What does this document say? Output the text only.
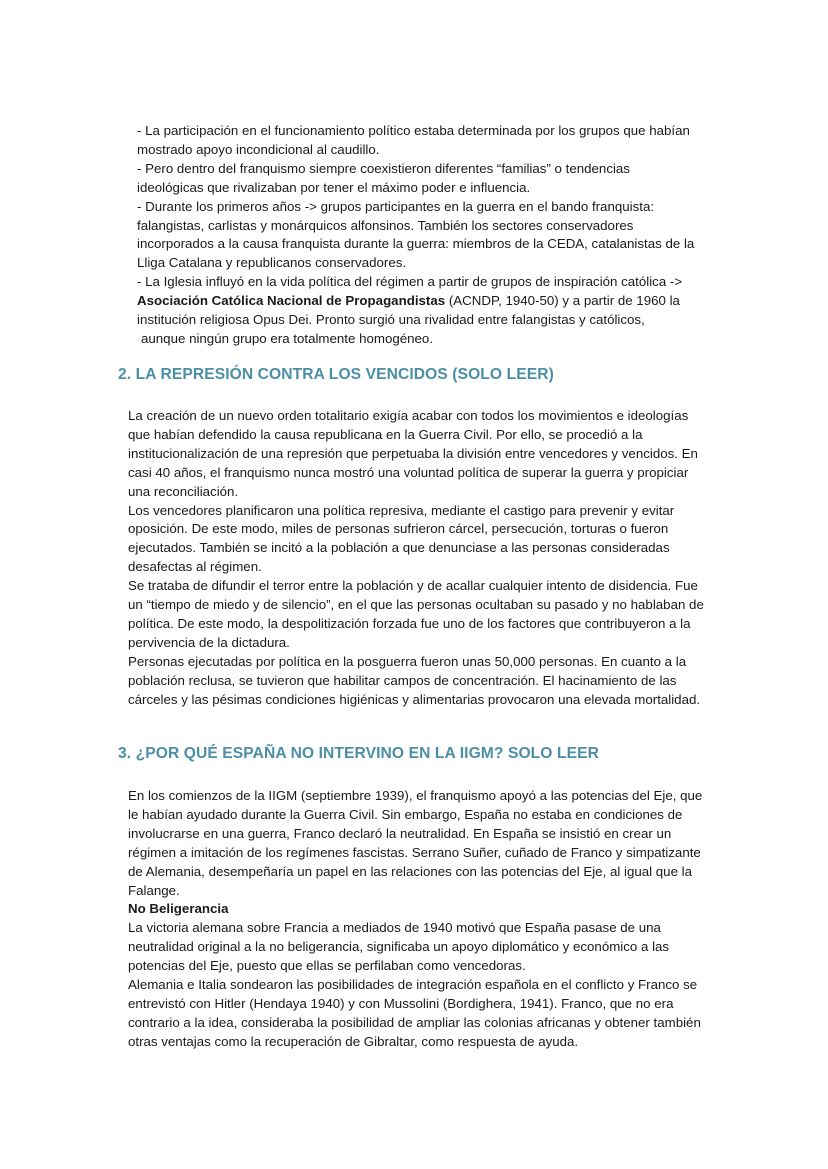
- La participación en el funcionamiento político estaba determinada por los grupos que habían mostrado apoyo incondicional al caudillo.

- Pero dentro del franquismo siempre coexistieron diferentes “familias” o tendencias ideológicas que rivalizaban por tener el máximo poder e influencia.

- Durante los primeros años -> grupos participantes en la guerra en el bando franquista: falangistas, carlistas y monárquicos alfonsinos. También los sectores conservadores incorporados a la causa franquista durante la guerra: miembros de la CEDA, catalanistas de la Lliga Catalana y republicanos conservadores.

- La Iglesia influyó en la vida política del régimen a partir de grupos de inspiración católica ->
Asociación Católica Nacional de Propagandistas (ACNDP, 1940-50) y a partir de 1960 la institución religiosa Opus Dei. Pronto surgió una rivalidad entre falangistas y católicos,

aunque ningún grupo era totalmente homogéneo.

2. LA REPRESIÓN CONTRA LOS VENCIDOS (SOLO LEER)

La creación de un nuevo orden totalitario exigía acabar con todos los movimientos e ideologías que habían defendido la causa republicana en la Guerra Civil. Por ello, se procedió a la institucionalización de una represión que perpetuaba la división entre vencedores y vencidos. En casi 40 años, el franquismo nunca mostró una voluntad política de superar la guerra y propiciar una reconciliación.

Los vencedores planificaron una política represiva, mediante el castigo para prevenir y evitar oposición. De este modo, miles de personas sufrieron cárcel, persecución, torturas o fueron ejecutados. También se incitó a la población a que denunciase a las personas consideradas desafectas al régimen.

Se trataba de difundir el terror entre la población y de acallar cualquier intento de disidencia. Fue un “tiempo de miedo y de silencio”, en el que las personas ocultaban su pasado y no hablaban de política. De este modo, la despolitización forzada fue uno de los factores que contribuyeron a la pervivencia de la dictadura.

Personas ejecutadas por política en la posguerra fueron unas 50,000 personas. En cuanto a la población reclusa, se tuvieron que habilitar campos de concentración. El hacinamiento de las cárceles y las pésimas condiciones higiénicas y alimentarias provocaron una elevada mortalidad.

3. ¿POR QUÉ ESPAÑA NO INTERVINO EN LA IIGM? SOLO LEER

En los comienzos de la IIGM (septiembre 1939), el franquismo apoyó a las potencias del Eje, que le habían ayudado durante la Guerra Civil. Sin embargo, España no estaba en condiciones de involucrarse en una guerra, Franco declaró la neutralidad. En España se insistió en crear un régimen a imitación de los regímenes fascistas. Serrano Suñer, cuñado de Franco y simpatizante de Alemania, desempeñaría un papel en las relaciones con las potencias del Eje, al igual que la Falange.

No Beligerancia

La victoria alemana sobre Francia a mediados de 1940 motivó que España pasase de una neutralidad original a la no beligerancia, significaba un apoyo diplomático y económico a las potencias del Eje, puesto que ellas se perfilaban como vencedoras.

Alemania e Italia sondearon las posibilidades de integración española en el conflicto y Franco se entrevistó con Hitler (Hendaya 1940) y con Mussolini (Bordighera, 1941). Franco, que no era contrario a la idea, consideraba la posibilidad de ampliar las colonias africanas y obtener también otras ventajas como la recuperación de Gibraltar, como respuesta de ayuda.
